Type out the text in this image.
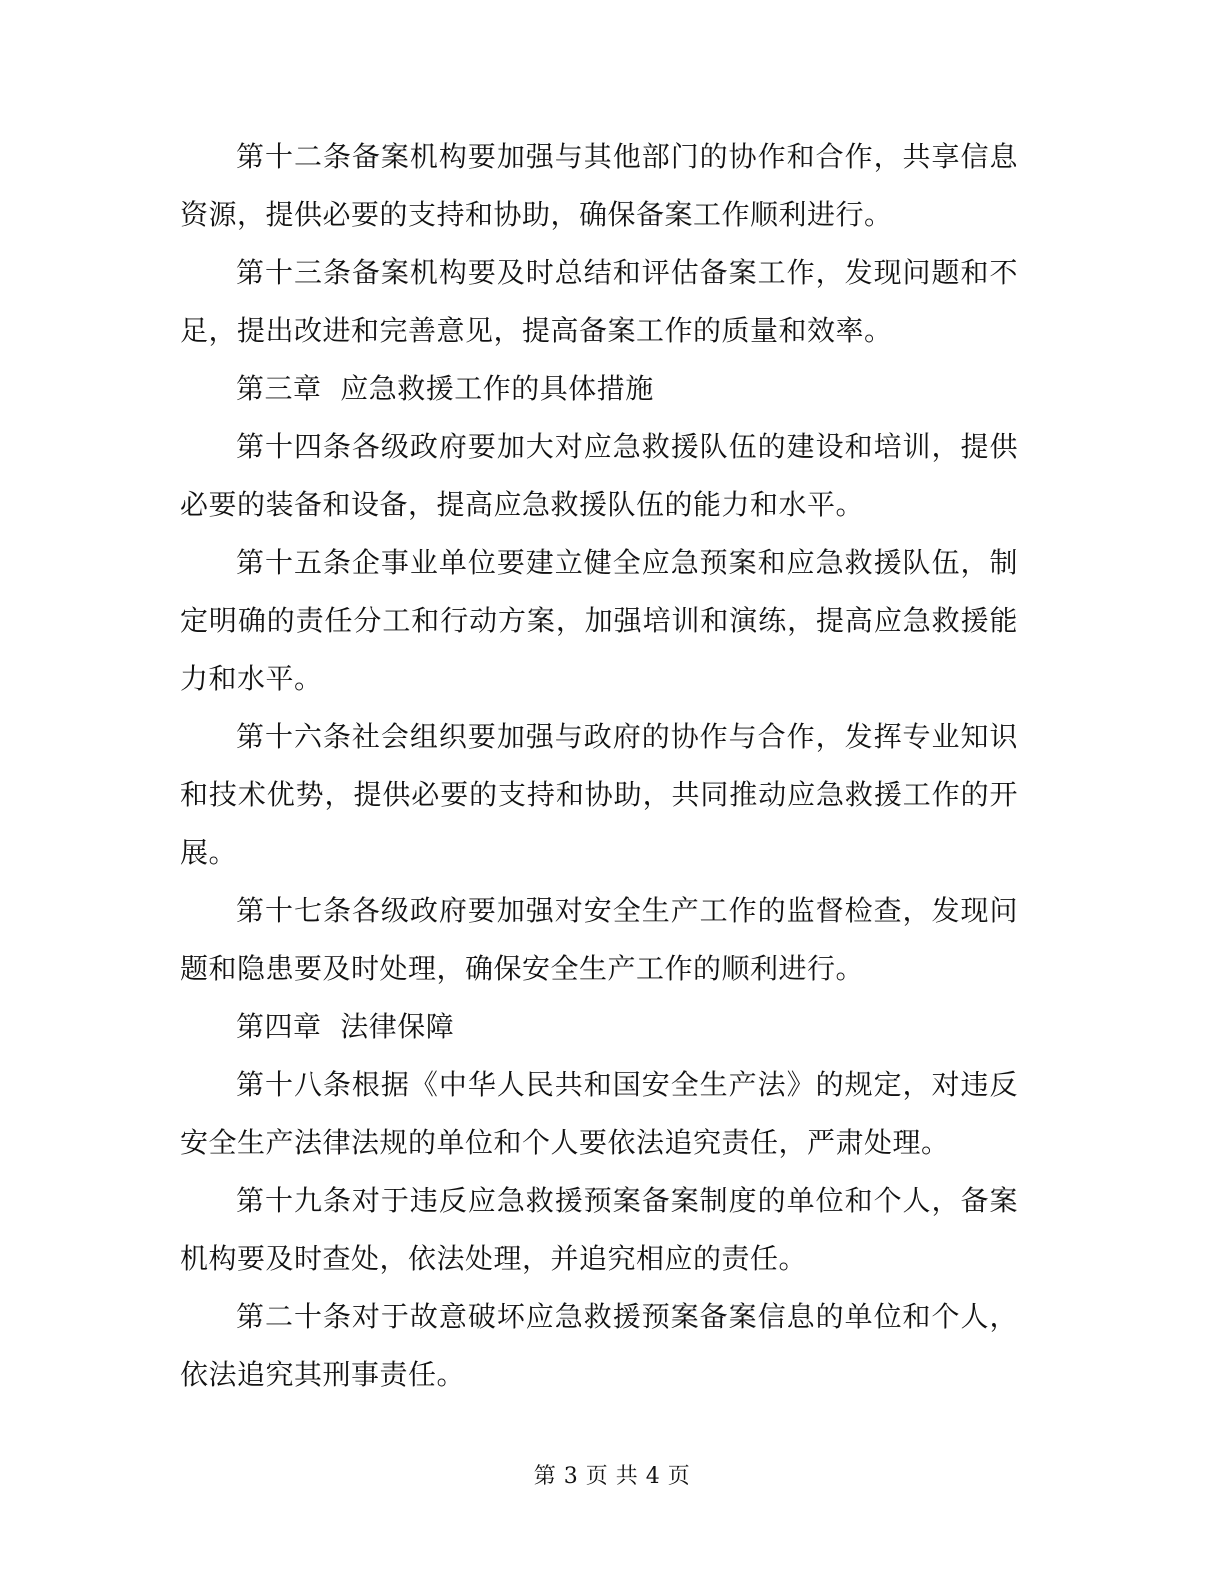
第十二条备案机构要加强与其他部门的协作和合作，共享信息资源，提供必要的支持和协助，确保备案工作顺利进行。

第十三条备案机构要及时总结和评估备案工作，发现问题和不足，提出改进和完善意见，提高备案工作的质量和效率。

第三章  应急救援工作的具体措施

第十四条各级政府要加大对应急救援队伍的建设和培训，提供必要的装备和设备，提高应急救援队伍的能力和水平。

第十五条企事业单位要建立健全应急预案和应急救援队伍，制定明确的责任分工和行动方案，加强培训和演练，提高应急救援能力和水平。

第十六条社会组织要加强与政府的协作与合作，发挥专业知识和技术优势，提供必要的支持和协助，共同推动应急救援工作的开展。

第十七条各级政府要加强对安全生产工作的监督检查，发现问题和隐患要及时处理，确保安全生产工作的顺利进行。

第四章  法律保障

第十八条根据《中华人民共和国安全生产法》的规定，对违反安全生产法律法规的单位和个人要依法追究责任，严肃处理。

第十九条对于违反应急救援预案备案制度的单位和个人，备案机构要及时查处，依法处理，并追究相应的责任。

第二十条对于故意破坏应急救援预案备案信息的单位和个人，依法追究其刑事责任。

第 3 页 共 4 页
